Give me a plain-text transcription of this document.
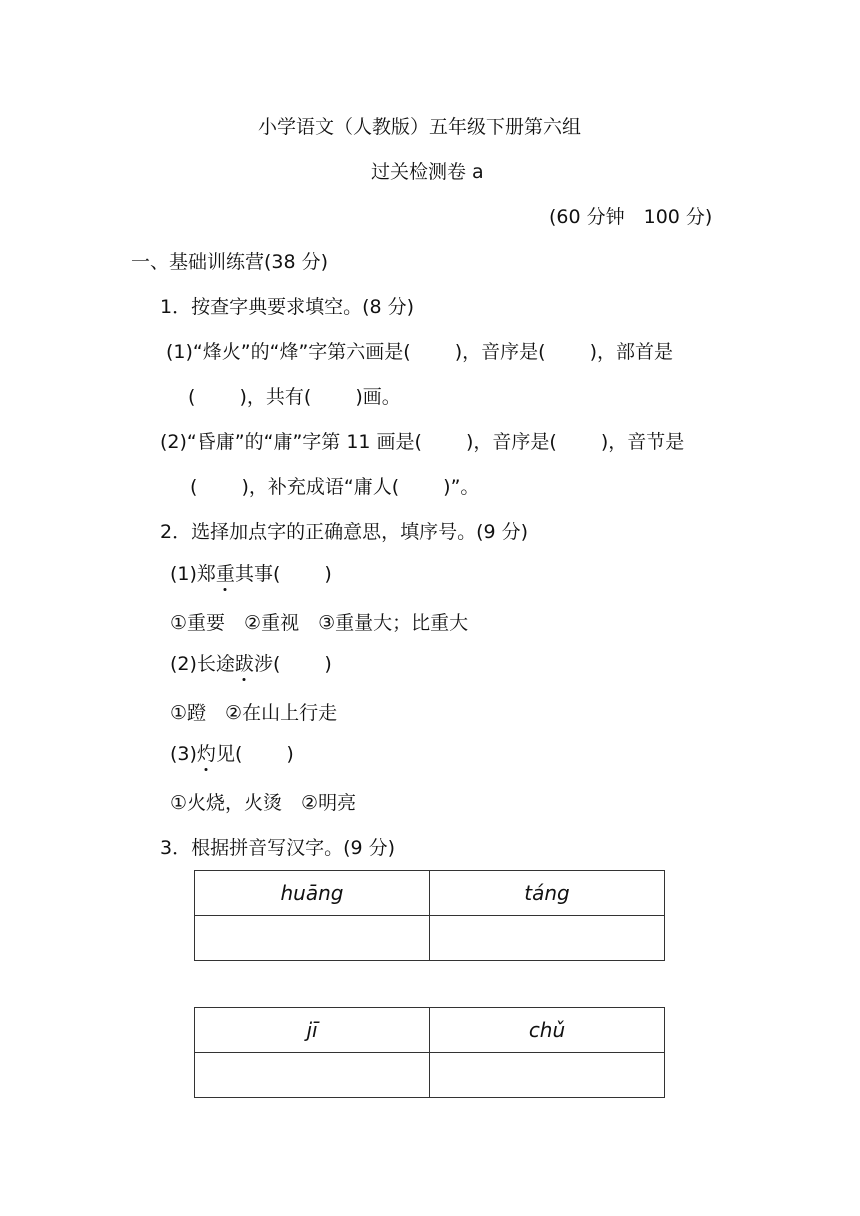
小学语文（人教版）五年级下册第六组
过关检测卷 a
(60 分钟　100 分)
一、基础训练营(38 分)
1．按查字典要求填空。(8 分)
(1)“烽火”的“烽”字第六画是(　　 )，音序是(　　 )，部首是
(　　 )，共有(　　 )画。
(2)“昏庸”的“庸”字第 11 画是(　　 )，音序是(　　 )，音节是
(　　 )，补充成语“庸人(　　 )”。
2．选择加点字的正确意思，填序号。(9 分)
(1)郑重其事(　　 )
①重要　②重视　③重量大；比重大
(2)长途跋涉(　　 )
①蹬　②在山上行走
(3)灼见(　　 )
①火烧，火烫　②明亮
3．根据拼音写汉字。(9 分)
huāng	táng

jī	chǔ
